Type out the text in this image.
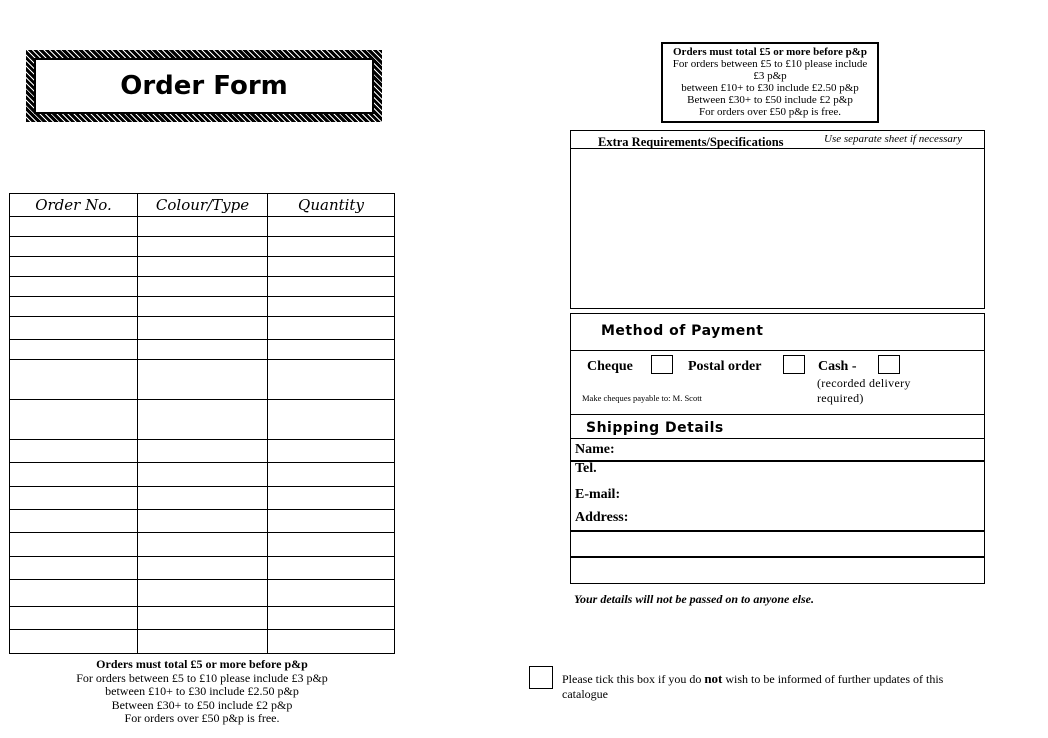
Order Form
Order No.	Colour/Type	Quantity

Orders must total £5 or more before p&p
For orders between £5 to £10 please include £3 p&p
between £10+ to £30 include £2.50 p&p
Between £30+ to £50 include £2 p&p
For orders over £50 p&p is free.
Orders must total £5 or more before p&p
For orders between £5 to £10 please include £3 p&p
between £10+ to £30 include £2.50 p&p
Between £30+ to £50 include £2 p&p
For orders over £50 p&p is free.
Extra Requirements/Specifications	Use separate sheet if necessary
Method of Payment
Cheque	Postal order	Cash -
(recorded delivery required)
Make cheques payable to: M. Scott
Shipping Details
Name:
Tel.
E-mail:
Address:
Your details will not be passed on to anyone else.
Please tick this box if you do not wish to be informed of further updates of this catalogue
